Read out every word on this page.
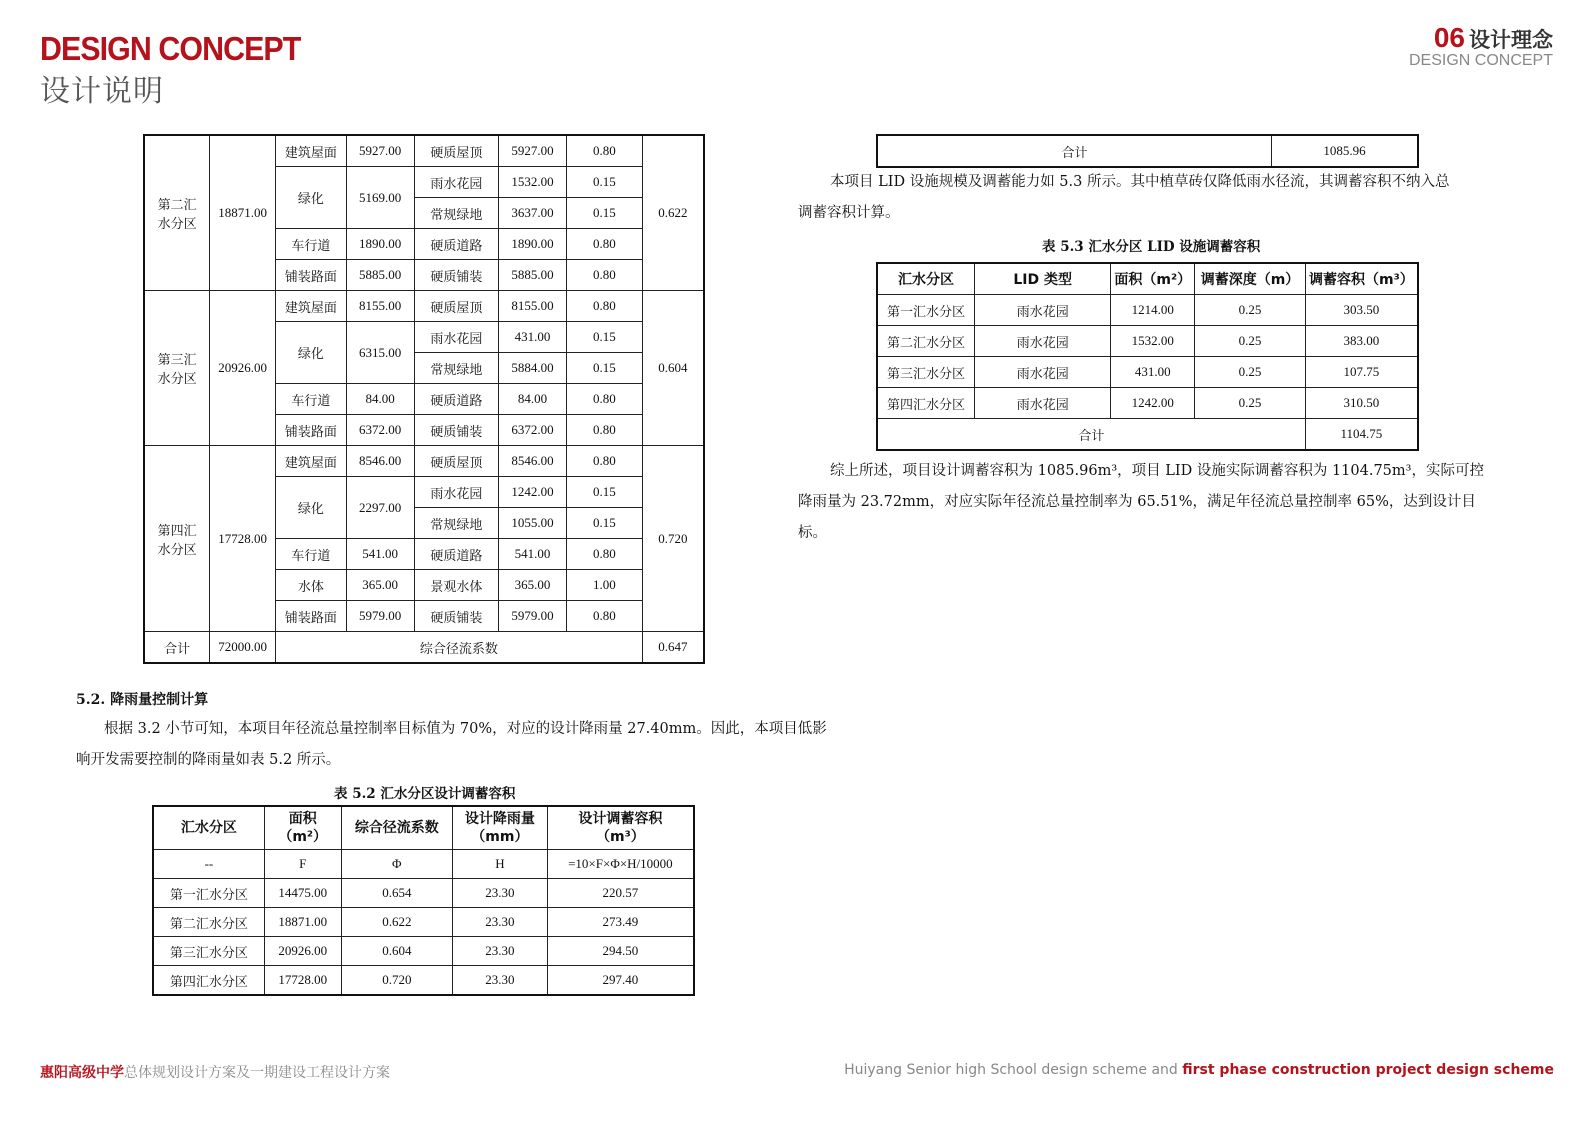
DESIGN CONCEPT
设计说明
06 设计理念
DESIGN CONCEPT
第二汇
水分区	18871.00	建筑屋面	5927.00	硬质屋顶	5927.00	0.80	0.622
		绿化	5169.00	雨水花园	1532.00	0.15	
				常规绿地	3637.00	0.15	
		车行道	1890.00	硬质道路	1890.00	0.80	
		铺装路面	5885.00	硬质铺装	5885.00	0.80	
第三汇
水分区	20926.00	建筑屋面	8155.00	硬质屋顶	8155.00	0.80	0.604
		绿化	6315.00	雨水花园	431.00	0.15	
				常规绿地	5884.00	0.15	
		车行道	84.00	硬质道路	84.00	0.80	
		铺装路面	6372.00	硬质铺装	6372.00	0.80	
第四汇
水分区	17728.00	建筑屋面	8546.00	硬质屋顶	8546.00	0.80	0.720
		绿化	2297.00	雨水花园	1242.00	0.15	
				常规绿地	1055.00	0.15	
		车行道	541.00	硬质道路	541.00	0.80	
		水体	365.00	景观水体	365.00	1.00	
		铺装路面	5979.00	硬质铺装	5979.00	0.80	
合计	72000.00	综合径流系数					0.647
5.2. 降雨量控制计算
根据 3.2 小节可知，本项目年径流总量控制率目标值为 70%，对应的设计降雨量 27.40mm。因此，本项目低影
响开发需要控制的降雨量如表 5.2 所示。
表 5.2 汇水分区设计调蓄容积
汇水分区	面积
（m²）	综合径流系数	设计降雨量
（mm）	设计调蓄容积
（m³）
--	F	Φ	H	=10×F×Φ×H/10000
第一汇水分区	14475.00	0.654	23.30	220.57
第二汇水分区	18871.00	0.622	23.30	273.49
第三汇水分区	20926.00	0.604	23.30	294.50
第四汇水分区	17728.00	0.720	23.30	297.40
合计	1085.96
本项目 LID 设施规模及调蓄能力如 5.3 所示。其中植草砖仅降低雨水径流，其调蓄容积不纳入总
调蓄容积计算。
表 5.3 汇水分区 LID 设施调蓄容积
汇水分区	LID 类型	面积（m²）	调蓄深度（m）	调蓄容积（m³）
第一汇水分区	雨水花园	1214.00	0.25	303.50
第二汇水分区	雨水花园	1532.00	0.25	383.00
第三汇水分区	雨水花园	431.00	0.25	107.75
第四汇水分区	雨水花园	1242.00	0.25	310.50
合计				1104.75
综上所述，项目设计调蓄容积为 1085.96m³，项目 LID 设施实际调蓄容积为 1104.75m³，实际可控
降雨量为 23.72mm，对应实际年径流总量控制率为 65.51%，满足年径流总量控制率 65%，达到设计目
标。
惠阳高级中学总体规划设计方案及一期建设工程设计方案	Huiyang Senior high School design scheme and first phase construction project design scheme
